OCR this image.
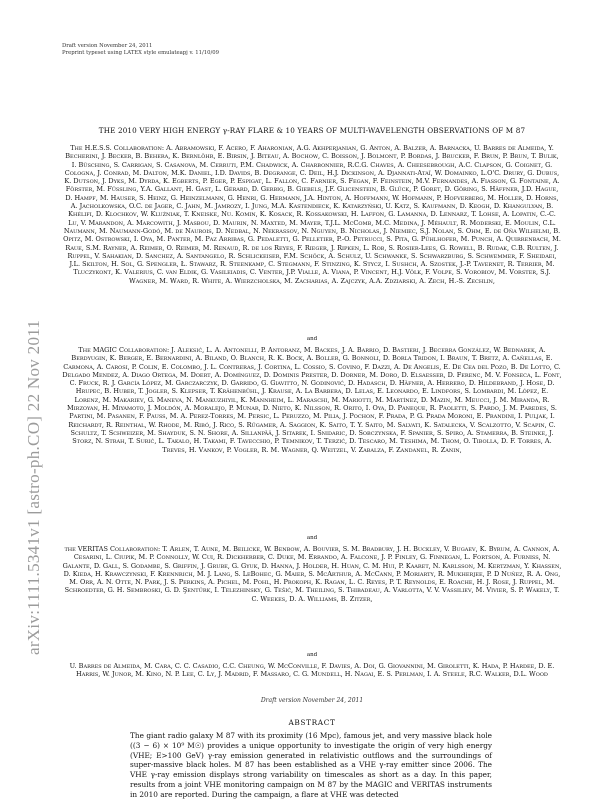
Draft version November 24, 2011
Preprint typeset using LATEX style emulateapj v. 11/10/09
arXiv:1111.5341v1 [astro-ph.CO] 22 Nov 2011
THE 2010 VERY HIGH ENERGY γ-RAY FLARE & 10 YEARS OF MULTI-WAVELENGTH OBSERVATIONS OF M 87
The H.E.S.S. Collaboration: A. Abramowski, F. Acero, F. Aharonian, A.G. Akhperjanian, G. Anton, A. Balzer, A. Barnacka, U. Barres de Almeida, Y. Becherini, J. Becker, B. Behera, K. Bernlöhr, E. Birsin, J. Biteau, A. Bochow, C. Boisson, J. Bolmont, P. Bordas, J. Brucker, F. Brun, P. Brun, T. Bulik, I. Büsching, S. Carrigan, S. Casanova, M. Cerruti, P.M. Chadwick, A. Charbonnier, R.C.G. Chaves, A. Cheesebrough, A.C. Clapson, G. Coignet, G. Cologna, J. Conrad, M. Dalton, M.K. Daniel, I.D. Davids, B. Degrange, C. Deil, H.J. Dickinson, A. Djannati-Ataï, W. Domainko, L.O'C. Drury, G. Dubus, K. Dutson, J. Dyks, M. Dyrda, K. Egberts, P. Eger, P. Espigat, L. Fallon, C. Farnier, S. Fegan, F. Feinstein, M.V. Fernandes, A. Fiasson, G. Fontaine, A. Förster, M. Füßling, Y.A. Gallant, H. Gast, L. Gérard, D. Gerbig, B. Giebels, J.F. Glicenstein, B. Glück, P. Goret, D. Göring, S. Häffner, J.D. Hague, D. Hampf, M. Hauser, S. Heinz, G. Heinzelmann, G. Henri, G. Hermann, J.A. Hinton, A. Hoffmann, W. Hofmann, P. Hofverberg, M. Holler, D. Horns, A. Jacholkowska, O.C. de Jager, C. Jahn, M. Jamrozy, I. Jung, M.A. Kastendieck, K. Katarzyński, U. Katz, S. Kaufmann, D. Keogh, D. Khangulyan, B. Khélifi, D. Klochkov, W. Kluźniak, T. Kneiske, Nu. Komin, K. Kosack, R. Kossakowski, H. Laffon, G. Lamanna, D. Lennarz, T. Lohse, A. Lopatin, C.-C. Lu, V. Marandon, A. Marcowith, J. Masbou, D. Maurin, N. Maxted, M. Mayer, T.J.L. McComb, M.C. Medina, J. Méhault, R. Moderski, E. Moulin, C.L. Naumann, M. Naumann-Godó, M. de Naurois, D. Nedbal, N. Nekrassov, N. Nguyen, B. Nicholas, J. Niemiec, S.J. Nolan, S. Ohm, E. de Oña Wilhelmi, B. Opitz, M. Ostrowski, I. Oya, M. Panter, M. Paz Arribas, G. Pedaletti, G. Pelletier, P.-O. Petrucci, S. Pita, G. Pühlhofer, M. Punch, A. Quirrenbach, M. Raue, S.M. Rayner, A. Reimer, O. Reimer, M. Renaud, R. de los Reyes, F. Rieger, J. Ripken, L. Rob, S. Rosier-Lees, G. Rowell, B. Rudak, C.B. Rulten, J. Ruppel, V. Sahakian, D. Sanchez, A. Santangelo, R. Schlickeiser, F.M. Schöck, A. Schulz, U. Schwanke, S. Schwarzburg, S. Schwemmer, F. Sheidaei, J.L. Skilton, H. Sol, G. Spengler, Ł. Stawarz, R. Steenkamp, C. Stegmann, F. Stinzing, K. Stycz, I. Sushch, A. Szostek, J.-P. Tavernet, R. Terrier, M. Tluczykont, K. Valerius, C. van Eldik, G. Vasileiadis, C. Venter, J.P. Vialle, A. Viana, P. Vincent, H.J. Völk, F. Volpe, S. Vorobiov, M. Vorster, S.J. Wagner, M. Ward, R. White, A. Wierzcholska, M. Zacharias, A. Zajczyk, A.A. Zdziarski, A. Zech, H.-S. Zechlin,
and
The MAGIC Collaboration: J. Aleksić, L. A. Antonelli, P. Antoranz, M. Backes, J. A. Barrio, D. Bastieri, J. Becerra González, W. Bednarek, A. Berdyugin, K. Berger, E. Bernardini, A. Biland, O. Blanch, R. K. Bock, A. Boller, G. Bonnoli, D. Borla Tridon, I. Braun, T. Bretz, A. Cañellas, E. Carmona, A. Carosi, P. Colin, E. Colombo, J. L. Contreras, J. Cortina, L. Cossio, S. Covino, F. Dazzi, A. De Angelis, E. De Cea del Pozo, B. De Lotto, C. Delgado Mendez, A. Diago Ortega, M. Doert, A. Domínguez, D. Dominis Prester, D. Dorner, M. Doro, D. Elsaesser, D. Ferenc, M. V. Fonseca, L. Font, C. Fruck, R. J. García López, M. Garczarczyk, D. Garrido, G. Giavitto, N. Godinović, D. Hadasch, D. Häfner, A. Herrero, D. Hildebrand, J. Hose, D. Hrupec, B. Huber, T. Jogler, S. Klepser, T. Krähenbühl, J. Krause, A. La Barbera, D. Lelas, E. Leonardo, E. Lindfors, S. Lombardi, M. López, E. Lorenz, M. Makariev, G. Maneva, N. Mankuzhiyil, K. Mannheim, L. Maraschi, M. Mariotti, M. Martínez, D. Mazin, M. Meucci, J. M. Miranda, R. Mirzoyan, H. Miyamoto, J. Moldón, A. Moralejo, P. Munar, D. Nieto, K. Nilsson, R. Orito, I. Oya, D. Paneque, R. Paoletti, S. Pardo, J. M. Paredes, S. Partini, M. Pasanen, F. Pauss, M. A. Perez-Torres, M. Persic, L. Peruzzo, M. Pilia, J. Pochon, F. Prada, P. G. Prada Moroni, E. Prandini, I. Puljak, I. Reichardt, R. Reinthal, W. Rhode, M. Ribó, J. Rico, S. Rügamer, A. Saggion, K. Saito, T. Y. Saito, M. Salvati, K. Satalecka, V. Scalzotto, V. Scapin, C. Schultz, T. Schweizer, M. Shayduk, S. N. Shore, A. Sillanpää, J. Sitarek, I. Snidaric, D. Sobczynska, F. Spanier, S. Spiro, A. Stamerra, B. Steinke, J. Storz, N. Strah, T. Surić, L. Takalo, H. Takami, F. Tavecchio, P. Temnikov, T. Terzić, D. Tescaro, M. Teshima, M. Thom, O. Tibolla, D. F. Torres, A. Treves, H. Vankov, P. Vogler, R. M. Wagner, Q. Weitzel, V. Zabalza, F. Zandanel, R. Zanin,
and
the VERITAS Collaboration: T. Arlen, T. Aune, M. Beilicke, W. Benbow, A. Bouvier, S. M. Bradbury, J. H. Buckley, V. Bugaev, K. Byrum, A. Cannon, A. Cesarini, L. Ciupik, M. P. Connolly, W. Cui, R. Dickherber, C. Duke, M. Errando, A. Falcone, J. P. Finley, G. Finnegan, L. Fortson, A. Furniss, N. Galante, D. Gall, S. Godambe, S. Griffin, J. Grube, G. Gyuk, D. Hanna, J. Holder, H. Huan, C. M. Hui, P. Kaaret, N. Karlsson, M. Kertzman, Y. Khassen, D. Kieda, H. Krawczynski, F. Krennrich, M. J. Lang, S. LeBohec, G. Maier, S. McArthur, A. McCann, P. Moriarty, R. Mukherjee, P. D Nuñez, R. A. Ong, M. Orr, A. N. Otte, N. Park, J. S. Perkins, A. Pichel, M. Pohl, H. Prokoph, K. Ragan, L. C. Reyes, P. T. Reynolds, E. Roache, H. J. Rose, J. Ruppel, M. Schroedter, G. H. Sembroski, G. D. Şentürk, I. Telezhinsky, G. Tešić, M. Theiling, S. Thibadeau, A. Varlotta, V. V. Vassiliev, M. Vivier, S. P. Wakely, T. C. Weekes, D. A. Williams, B. Zitzer,
and
U. Barres de Almeida, M. Cara, C. C. Casadio, C.C. Cheung, W. McConville, F. Davies, A. Doi, G. Giovannini, M. Giroletti, K. Hada, P. Hardee, D. E. Harris, W. Junor, M. Kino, N. P. Lee, C. Ly, J. Madrid, F. Massaro, C. G. Mundell, H. Nagai, E. S. Perlman, I. A. Steele, R.C. Walker, D.L. Wood
Draft version November 24, 2011
ABSTRACT
The giant radio galaxy M 87 with its proximity (16 Mpc), famous jet, and very massive black hole ((3 − 6) × 10⁹ M☉) provides a unique opportunity to investigate the origin of very high energy (VHE; E>100 GeV) γ-ray emission generated in relativistic outflows and the surroundings of super-massive black holes. M 87 has been established as a VHE γ-ray emitter since 2006. The VHE γ-ray emission displays strong variability on timescales as short as a day. In this paper, results from a joint VHE monitoring campaign on M 87 by the MAGIC and VERITAS instruments in 2010 are reported. During the campaign, a flare at VHE was detected
